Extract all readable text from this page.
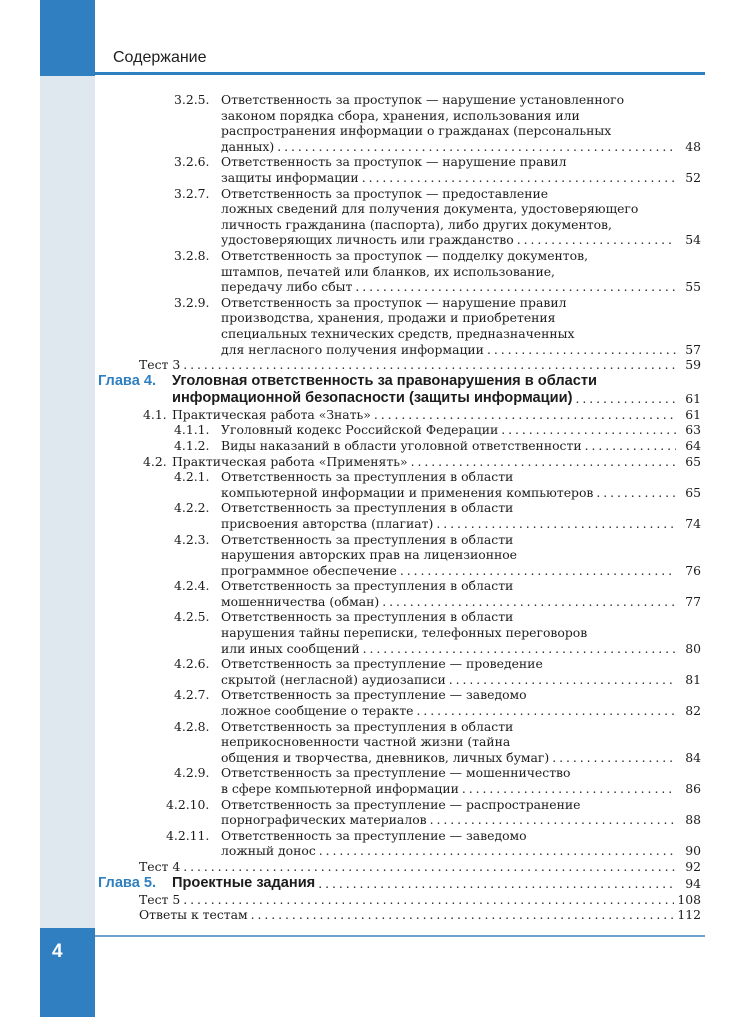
Содержание
3.2.5. Ответственность за проступок — нарушение установленного
законом порядка сбора, хранения, использования или
распространения информации о гражданах (персональных
данных) . . .	48
3.2.6. Ответственность за проступок — нарушение правил
защиты информации . . .	52
3.2.7. Ответственность за проступок — предоставление
ложных сведений для получения документа, удостоверяющего
личность гражданина (паспорта), либо других документов,
удостоверяющих личность или гражданство . . .	54
3.2.8. Ответственность за проступок — подделку документов,
штампов, печатей или бланков, их использование,
передачу либо сбыт . . .	55
3.2.9. Ответственность за проступок — нарушение правил
производства, хранения, продажи и приобретения
специальных технических средств, предназначенных
для негласного получения информации . . .	57
Тест 3 . . .	59
Глава 4. Уголовная ответственность за правонарушения в области
информационной безопасности (защиты информации) . . .	61
4.1. Практическая работа «Знать» . . .	61
4.1.1. Уголовный кодекс Российской Федерации . . .	63
4.1.2. Виды наказаний в области уголовной ответственности . . .	64
4.2. Практическая работа «Применять» . . .	65
4.2.1. Ответственность за преступления в области
компьютерной информации и применения компьютеров . . .	65
4.2.2. Ответственность за преступления в области
присвоения авторства (плагиат) . . .	74
4.2.3. Ответственность за преступления в области
нарушения авторских прав на лицензионное
программное обеспечение . . .	76
4.2.4. Ответственность за преступления в области
мошенничества (обман) . . .	77
4.2.5. Ответственность за преступления в области
нарушения тайны переписки, телефонных переговоров
или иных сообщений . . .	80
4.2.6. Ответственность за преступление — проведение
скрытой (негласной) аудиозаписи . . .	81
4.2.7. Ответственность за преступление — заведомо
ложное сообщение о теракте . . .	82
4.2.8. Ответственность за преступления в области
неприкосновенности частной жизни (тайна
общения и творчества, дневников, личных бумаг) . . .	84
4.2.9. Ответственность за преступление — мошенничество
в сфере компьютерной информации . . .	86
4.2.10. Ответственность за преступление — распространение
порнографических материалов . . .	88
4.2.11. Ответственность за преступление — заведомо
ложный донос . . .	90
Тест 4 . . .	92
Глава 5. Проектные задания . . .	94
Тест 5 . . .	108
Ответы к тестам . . .	112
4
